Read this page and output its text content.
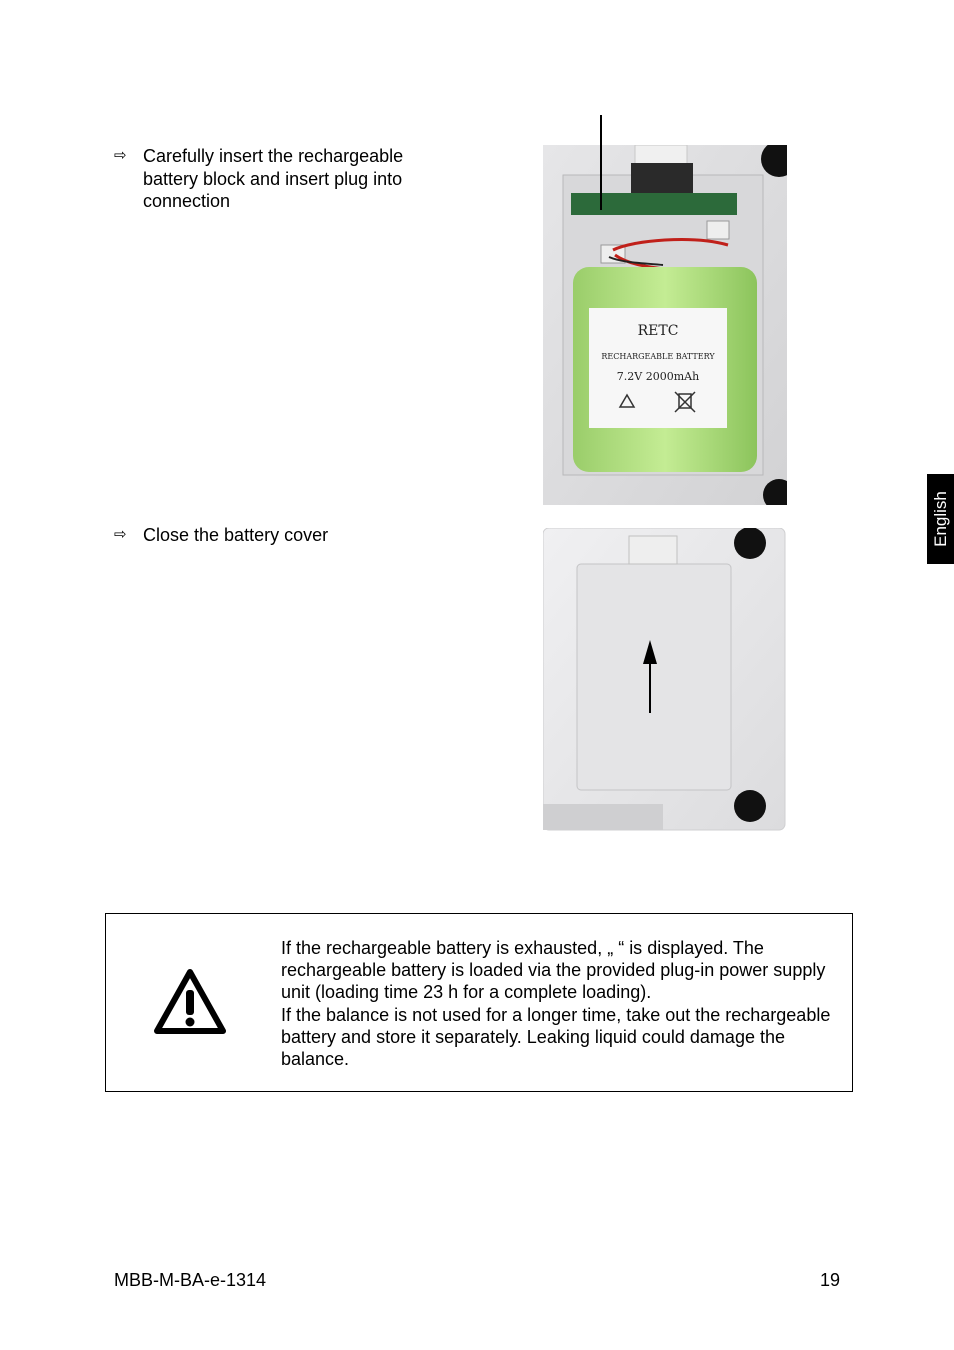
⇨ Carefully insert the rechargeable battery block and insert plug into connection
RETC
RECHARGEABLE BATTERY
7.2V 2000mAh
⇨ Close the battery cover	English

If the rechargeable battery is exhausted, „ “ is displayed. The rechargeable battery is loaded via the provided plug-in power supply unit (loading time 23 h for a complete loading).

If the balance is not used for a longer time, take out the rechargeable battery and store it separately. Leaking liquid could damage the balance.

MBB-M-BA-e-1314	19
